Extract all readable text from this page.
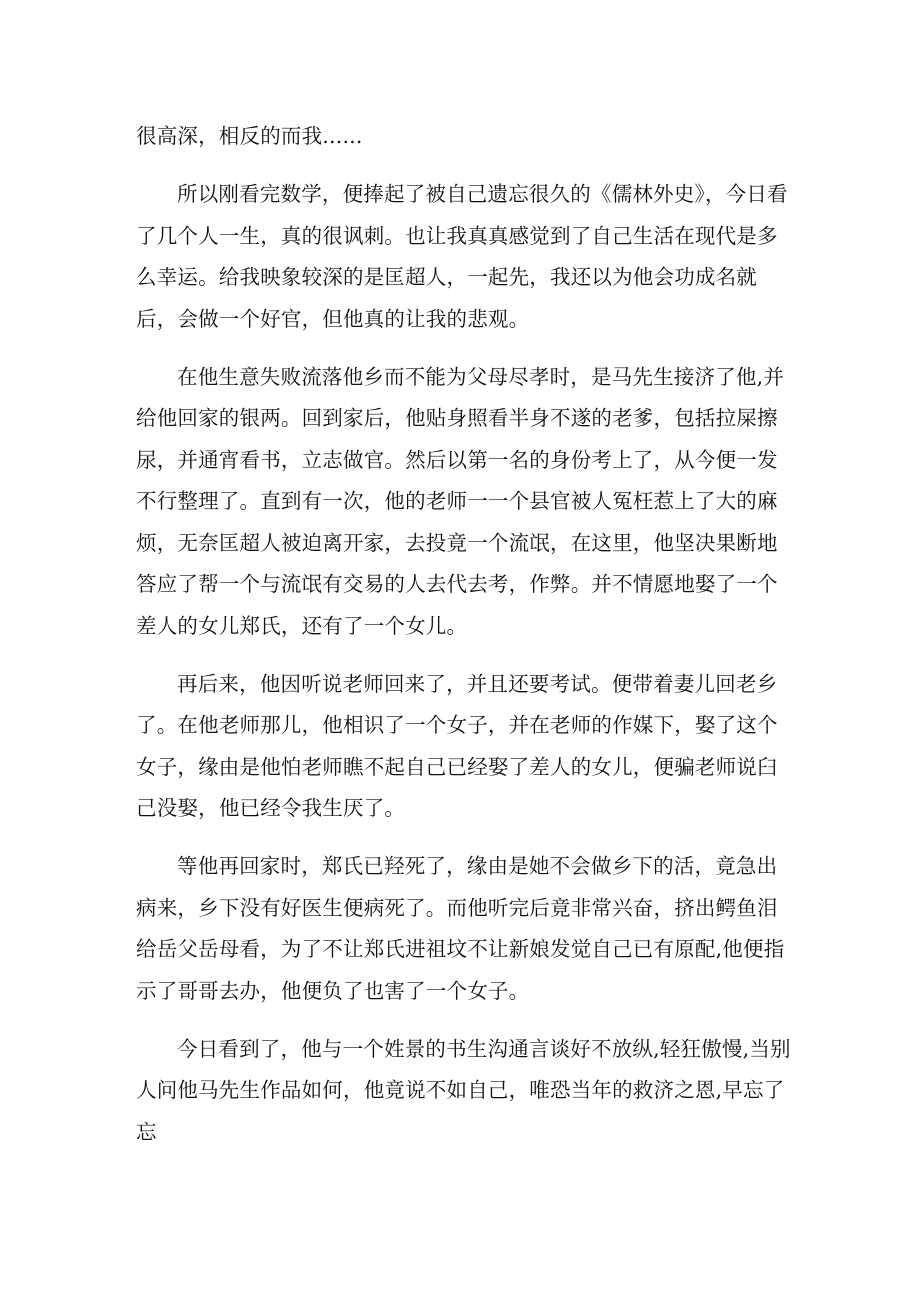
很高深，相反的而我......

所以刚看完数学，便捧起了被自己遗忘很久的《儒林外史》，今日看了几个人一生，真的很讽刺。也让我真真感觉到了自己生活在现代是多么幸运。给我映象较深的是匡超人，一起先，我还以为他会功成名就后，会做一个好官，但他真的让我的悲观。

在他生意失败流落他乡而不能为父母尽孝时，是马先生接济了他,并给他回家的银两。回到家后，他贴身照看半身不遂的老爹，包括拉屎擦尿，并通宵看书，立志做官。然后以第一名的身份考上了，从今便一发不行整理了。直到有一次，他的老师一一个县官被人冤枉惹上了大的麻烦，无奈匡超人被迫离开家，去投竟一个流氓，在这里，他坚决果断地答应了帮一个与流氓有交易的人去代去考，作弊。并不情愿地娶了一个差人的女儿郑氏，还有了一个女儿。

再后来，他因听说老师回来了，并且还要考试。便带着妻儿回老乡了。在他老师那儿，他相识了一个女子，并在老师的作媒下，娶了这个女子，缘由是他怕老师瞧不起自己已经娶了差人的女儿，便骗老师说臼己没娶，他已经令我生厌了。

等他再回家时，郑氏已羟死了，缘由是她不会做乡下的活，竟急出病来，乡下没有好医生便病死了。而他听完后竟非常兴奋，挤出鳄鱼泪给岳父岳母看，为了不让郑氏进祖坟不让新娘发觉自己已有原配,他便指示了哥哥去办，他便负了也害了一个女子。

今日看到了，他与一个姓景的书生沟通言谈好不放纵,轻狂傲慢,当别人问他马先生作品如何，他竟说不如自己，唯恐当年的救济之恩,早忘了忘
